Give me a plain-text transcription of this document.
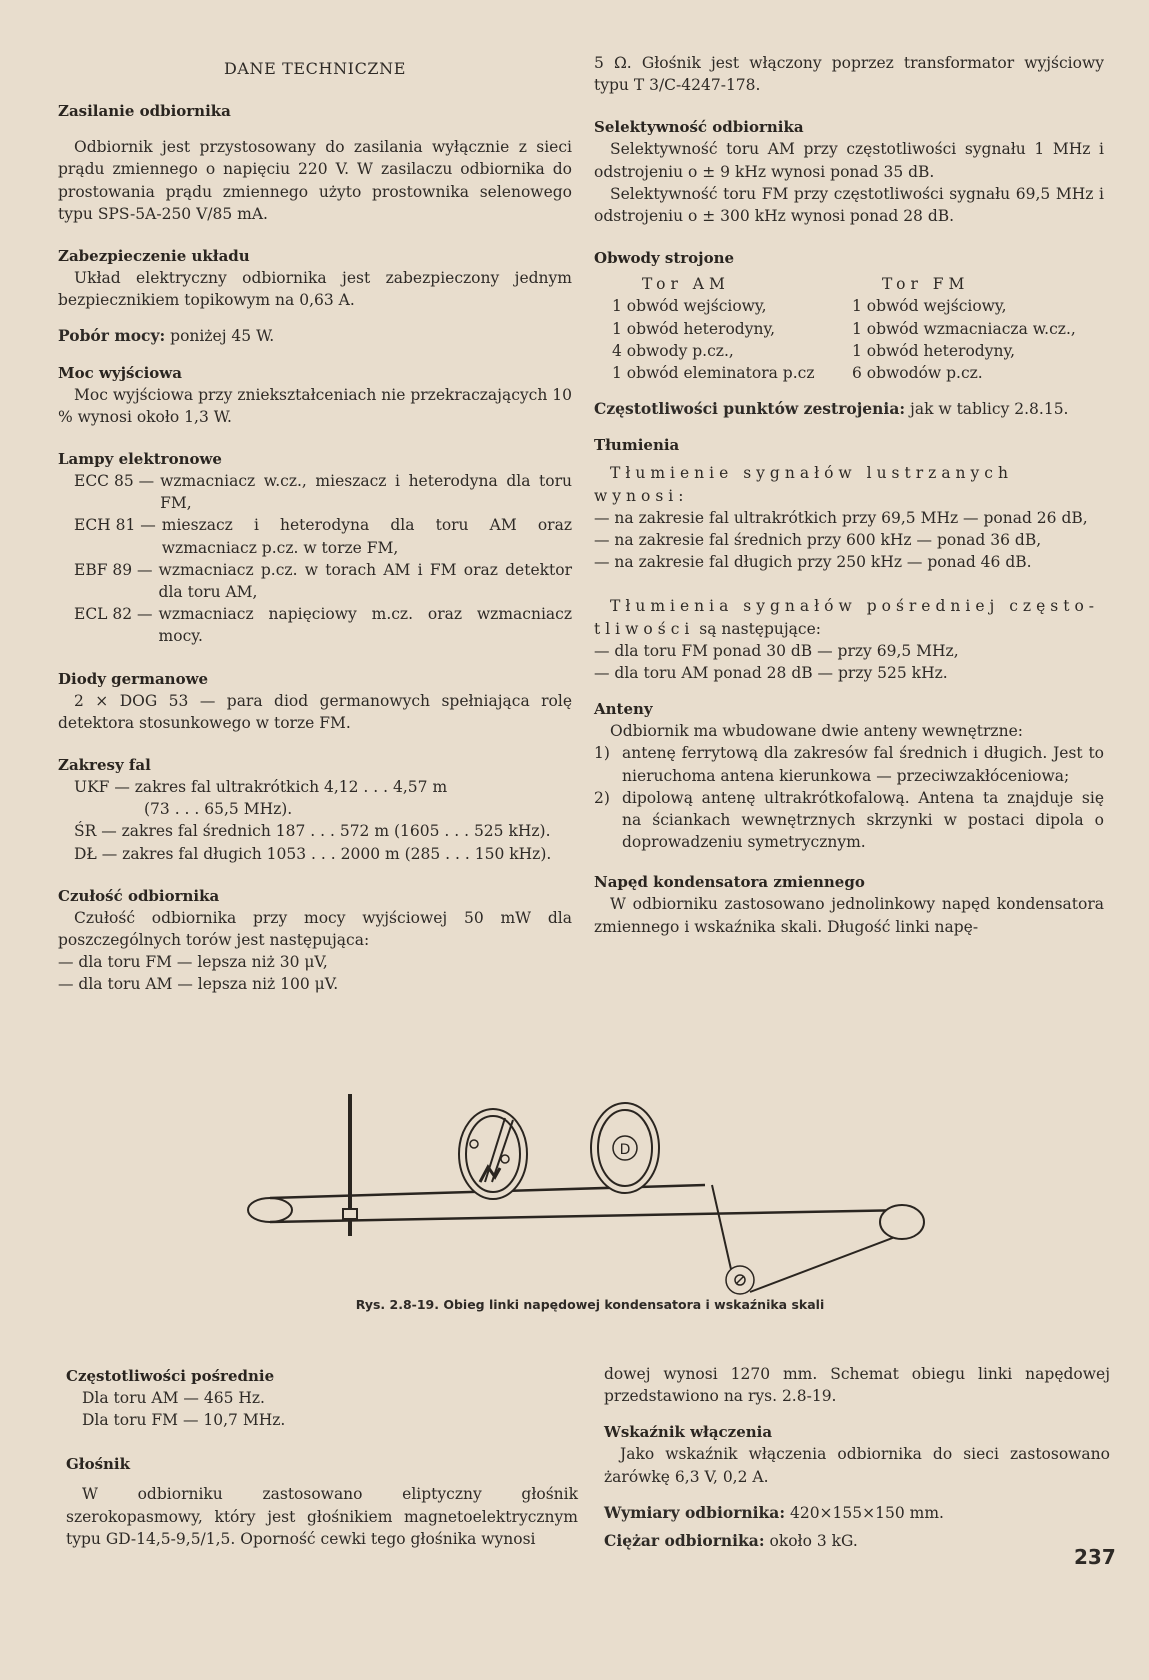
DANE TECHNICZNE
Zasilanie odbiornika

Odbiornik jest przystosowany do zasilania wyłącznie z sieci prądu zmiennego o napięciu 220 V. W zasilaczu odbiornika do prostowania prądu zmiennego użyto prostownika selenowego typu SPS-5A-250 V/85 mA.

Zabezpieczenie układu

Układ elektryczny odbiornika jest zabezpieczony jednym bezpiecznikiem topikowym na 0,63 A.

Pobór mocy: poniżej 45 W.
Moc wyjściowa

Moc wyjściowa przy zniekształceniach nie przekraczających 10 % wynosi około 1,3 W.

Lampy elektronowe
ECC 85 — wzmacniacz w.cz., mieszacz i heterodyna dla toru FM,
ECH 81 — mieszacz i heterodyna dla toru AM oraz wzmacniacz p.cz. w torze FM,
EBF 89 — wzmacniacz p.cz. w torach AM i FM oraz detektor dla toru AM,
ECL 82 — wzmacniacz napięciowy m.cz. oraz wzmacniacz mocy.
Diody germanowe

2 × DOG 53 — para diod germanowych spełniająca rolę detektora stosunkowego w torze FM.

Zakresy fal
UKF — zakres fal ultrakrótkich 4,12 . . . 4,57 m
(73 . . . 65,5 MHz).
ŚR — zakres fal średnich 187 . . . 572 m (1605 . . . 525 kHz).
DŁ — zakres fal długich 1053 . . . 2000 m (285 . . . 150 kHz).
Czułość odbiornika

Czułość odbiornika przy mocy wyjściowej 50 mW dla poszczególnych torów jest następująca:

— dla toru FM — lepsza niż 30 μV,
— dla toru AM — lepsza niż 100 μV.

5 Ω. Głośnik jest włączony poprzez transformator wyjściowy typu T 3/C-4247-178.

Selektywność odbiornika

Selektywność toru AM przy częstotliwości sygnału 1 MHz i odstrojeniu o ± 9 kHz wynosi ponad 35 dB.

Selektywność toru FM przy częstotliwości sygnału 69,5 MHz i odstrojeniu o ± 300 kHz wynosi ponad 28 dB.

Obwody strojone
Tor AM	Tor FM
1 obwód wejściowy,	1 obwód wejściowy,
1 obwód heterodyny,	1 obwód wzmacniacza w.cz.,
4 obwody p.cz.,	1 obwód heterodyny,
1 obwód eleminatora p.cz	6 obwodów p.cz.
Częstotliwości punktów zestrojenia: jak w tablicy 2.8.15.
Tłumienia

Tłumienie sygnałów lustrzanych wynosi:

— na zakresie fal ultrakrótkich przy 69,5 MHz — ponad 26 dB,
— na zakresie fal średnich przy 600 kHz — ponad 36 dB,
— na zakresie fal długich przy 250 kHz — ponad 46 dB.

Tłumienia sygnałów pośredniej często-tliwości są następujące:

— dla toru FM ponad 30 dB — przy 69,5 MHz,
— dla toru AM ponad 28 dB — przy 525 kHz.
Anteny

Odbiornik ma wbudowane dwie anteny wewnętrzne:

1) antenę ferrytową dla zakresów fal średnich i długich. Jest to nieruchoma antena kierunkowa — przeciwzakłóceniowa;
2) dipolową antenę ultrakrótkofalową. Antena ta znajduje się na ściankach wewnętrznych skrzynki w postaci dipola o doprowadzeniu symetrycznym.
Napęd kondensatora zmiennego

W odbiorniku zastosowano jednolinkowy napęd kondensatora zmiennego i wskaźnika skali. Długość linki napę-

D
Rys. 2.8-19. Obieg linki napędowej kondensatora i wskaźnika skali
Częstotliwości pośrednie
Dla toru AM — 465 Hz.
Dla toru FM — 10,7 MHz.
Głośnik

W odbiorniku zastosowano eliptyczny głośnik szerokopasmowy, który jest głośnikiem magnetoelektrycznym typu GD-14,5-9,5/1,5. Oporność cewki tego głośnika wynosi

dowej wynosi 1270 mm. Schemat obiegu linki napędowej przedstawiono na rys. 2.8-19.

Wskaźnik włączenia

Jako wskaźnik włączenia odbiornika do sieci zastosowano żarówkę 6,3 V, 0,2 A.

Wymiary odbiornika: 420×155×150 mm.
Ciężar odbiornika: około 3 kG.
237
